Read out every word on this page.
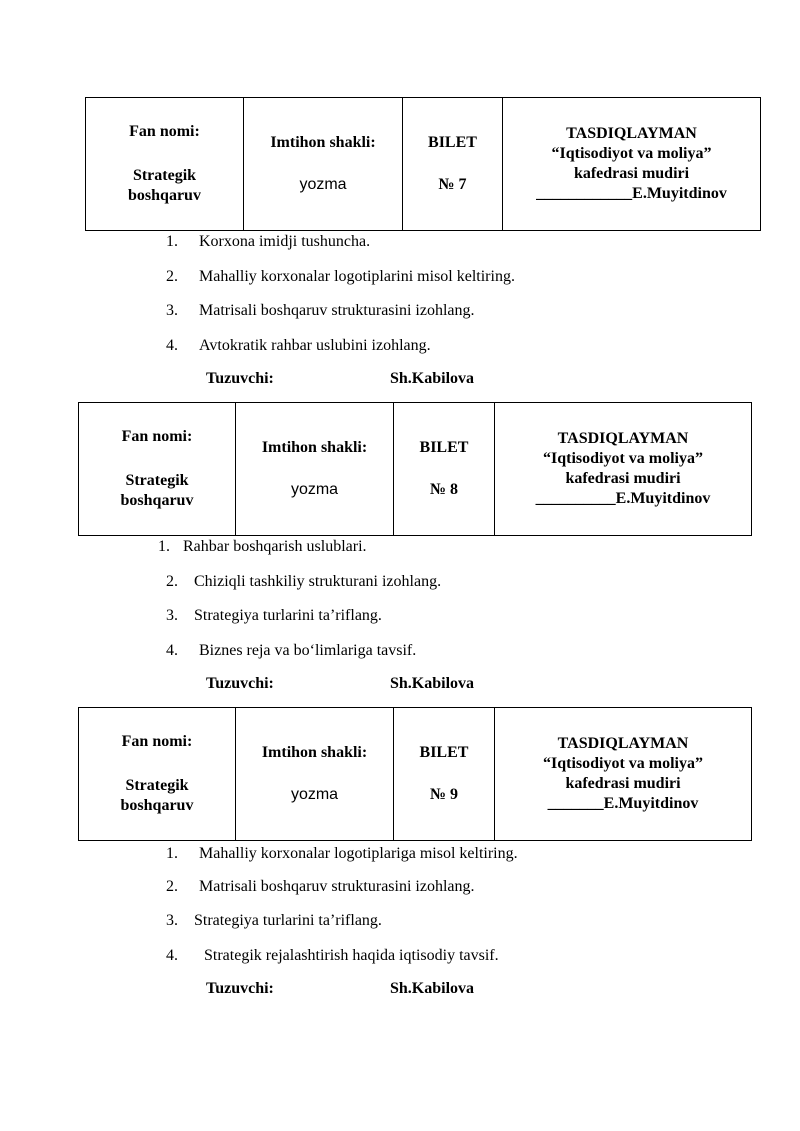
Fan nomi:
Strategik boshqaruv

Imtihon shakli:
yozma

BILET
№ 7

TASDIQLAYMAN
“Iqtisodiyot va moliya”
kafedrasi mudiri
____________E.Muyitdinov
1. Korxona imidji tushuncha.
2. Mahalliy korxonalar logotiplarini misol keltiring.
3. Matrisali boshqaruv strukturasini izohlang.
4. Avtokratik rahbar uslubini izohlang.
Tuzuvchi:	Sh.Kabilova
Fan nomi:
Strategik boshqaruv

Imtihon shakli:
yozma

BILET
№ 8

TASDIQLAYMAN
“Iqtisodiyot va moliya”
kafedrasi mudiri
__________E.Muyitdinov
1. Rahbar boshqarish uslublari.
2. Chiziqli tashkiliy strukturani izohlang.
3. Strategiya turlarini ta’riflang.
4. Biznes reja va bo‘limlariga tavsif.
Tuzuvchi:	Sh.Kabilova
Fan nomi:
Strategik boshqaruv

Imtihon shakli:
yozma

BILET
№ 9

TASDIQLAYMAN
“Iqtisodiyot va moliya”
kafedrasi mudiri
_______E.Muyitdinov
1. Mahalliy korxonalar logotiplariga misol keltiring.
2. Matrisali boshqaruv strukturasini izohlang.
3. Strategiya turlarini ta’riflang.
4. Strategik rejalashtirish haqida iqtisodiy tavsif.
Tuzuvchi:	Sh.Kabilova
